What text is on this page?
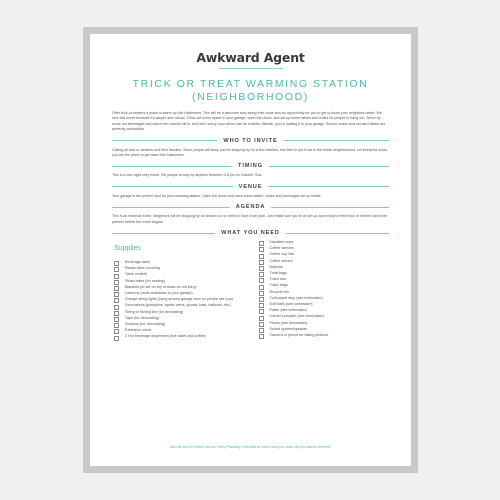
Awkward Agent
TRICK OR TREAT WARMING STATION
(NEIGHBORHOOD)

Offer trick-or-treaters a place to warm up this Halloween. This will be a welcome stop along their route and an opportunity for you to get to know your neighbors better. We love this event because it's simple and casual. Clear out some space in your garage, open the doors, and set up some tables and chairs for people to hang out. Serve up some hot beverages and watch the crowds roll in. And don't worry, your décor can be eclectic. Afterall, you're hosting it in your garage. Soccer chairs and old card tables are perfectly acceptable.

WHO TO INVITE

Calling all trick-or-treaters and their families. Since people will likely just be stopping by for a few minutes, feel free to put it out to the entire neighborhood. Let everyone know you are the place to get warm this Halloween.

TIMING

This is a one-night only event. Tell people to stop by anytime between 3-8 pm on October 31st.

VENUE

Your garage is the perfect spot for your warming station. Open the doors and have some tables, chairs and beverages set up inside.

AGENDA

This is an informal event. Neighbors will be stopping by at random so no need to have a set plan. Just make sure you're all set up and ready to meet trick or treaters and their parents before the event begins.

WHAT YOU NEED
Supplies
Beverage table
Plastic table covering
Table confetti
Straw bales (for seating)
Blankets (to set on top of straw as not itchy)
Lanterns (adds ambiance to your garage)
Orange string lights (hang around garage door so people see you)
Decorations (pumpkins, spider webs, ghosts, bats, balloons, etc.)
String or fishing line (for decorating)
Tape (for decorating)
Scissors (for decorating)
Extension cords
2 Hot beverage dispensers (hot water and coffee)
Insulated cups
Coffee sleeves
Coffee cup lids
Coffee stirrers
Napkins
Treat bags
Trash can
Trash bags
Recycle bin
Turf/carpet strip (see icebreaker)
Golf balls (see icebreaker)
Putter (see icebreaker)
Carved pumpkin (see icebreaker)
Prizes (see icebreaker)
Sound system/speaker
Camera or phone for taking pictures
Also be sure to check out our Party Planning Checklist to make sure you have all your bases covered.
